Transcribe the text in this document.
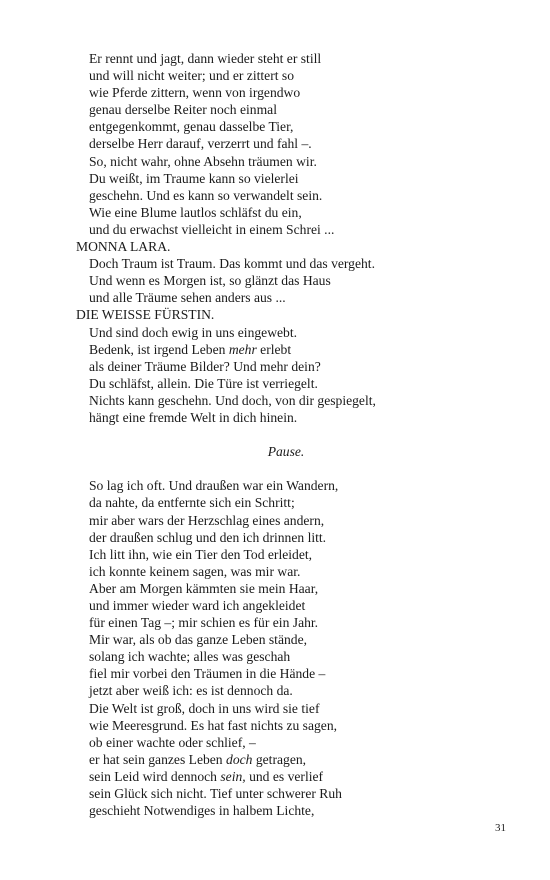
Er rennt und jagt, dann wieder steht er still
und will nicht weiter; und er zittert so
wie Pferde zittern, wenn von irgendwo
genau derselbe Reiter noch einmal
entgegenkommt, genau dasselbe Tier,
derselbe Herr darauf, verzerrt und fahl –.
So, nicht wahr, ohne Absehn träumen wir.
Du weißt, im Traume kann so vielerlei
geschehn. Und es kann so verwandelt sein.
Wie eine Blume lautlos schläfst du ein,
und du erwachst vielleicht in einem Schrei ...
MONNA LARA.
Doch Traum ist Traum. Das kommt und das vergeht.
Und wenn es Morgen ist, so glänzt das Haus
und alle Träume sehen anders aus ...
DIE WEISSE FÜRSTIN.
Und sind doch ewig in uns eingewebt.
Bedenk, ist irgend Leben mehr erlebt
als deiner Träume Bilder? Und mehr dein?
Du schläfst, allein. Die Türe ist verriegelt.
Nichts kann geschehn. Und doch, von dir gespiegelt,
hängt eine fremde Welt in dich hinein.
Pause.
So lag ich oft. Und draußen war ein Wandern,
da nahte, da entfernte sich ein Schritt;
mir aber wars der Herzschlag eines andern,
der draußen schlug und den ich drinnen litt.
Ich litt ihn, wie ein Tier den Tod erleidet,
ich konnte keinem sagen, was mir war.
Aber am Morgen kämmten sie mein Haar,
und immer wieder ward ich angekleidet
für einen Tag –; mir schien es für ein Jahr.
Mir war, als ob das ganze Leben stände,
solang ich wachte; alles was geschah
fiel mir vorbei den Träumen in die Hände –
jetzt aber weiß ich: es ist dennoch da.
Die Welt ist groß, doch in uns wird sie tief
wie Meeresgrund. Es hat fast nichts zu sagen,
ob einer wachte oder schlief, –
er hat sein ganzes Leben doch getragen,
sein Leid wird dennoch sein, und es verlief
sein Glück sich nicht. Tief unter schwerer Ruh
geschieht Notwendiges in halbem Lichte,
31
